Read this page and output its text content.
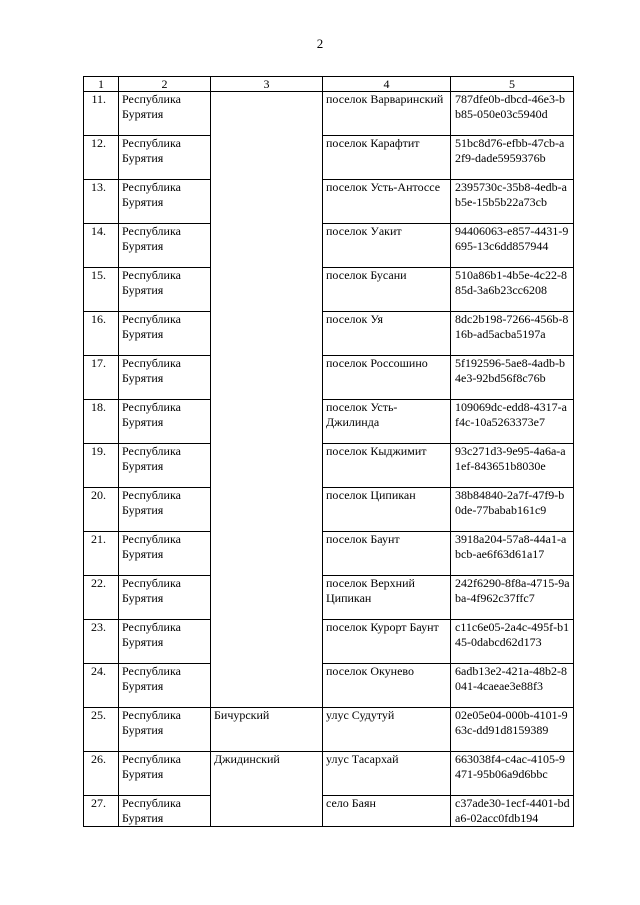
2
1	2	3	4	5
11.	Республика Бурятия		поселок Варваринский	787dfe0b-dbcd-46e3-bb85-050e03c5940d
12.	Республика Бурятия		поселок Карафтит	51bc8d76-efbb-47cb-a2f9-dade5959376b
13.	Республика Бурятия		поселок Усть-Антоссе	2395730c-35b8-4edb-ab5e-15b5b22a73cb
14.	Республика Бурятия		поселок Уакит	94406063-e857-4431-9695-13c6dd857944
15.	Республика Бурятия		поселок Бусани	510a86b1-4b5e-4c22-885d-3a6b23cc6208
16.	Республика Бурятия		поселок Уя	8dc2b198-7266-456b-816b-ad5acba5197a
17.	Республика Бурятия		поселок Россошино	5f192596-5ae8-4adb-b4e3-92bd56f8c76b
18.	Республика Бурятия		поселок Усть-Джилинда	109069dc-edd8-4317-af4c-10a5263373e7
19.	Республика Бурятия		поселок Кыджимит	93c271d3-9e95-4a6a-a1ef-843651b8030e
20.	Республика Бурятия		поселок Ципикан	38b84840-2a7f-47f9-b0de-77babab161c9
21.	Республика Бурятия		поселок Баунт	3918a204-57a8-44a1-abcb-ae6f63d61a17
22.	Республика Бурятия		поселок Верхний Ципикан	242f6290-8f8a-4715-9aba-4f962c37ffc7
23.	Республика Бурятия		поселок Курорт Баунт	c11c6e05-2a4c-495f-b145-0dabcd62d173
24.	Республика Бурятия		поселок Окунево	6adb13e2-421a-48b2-8041-4caeae3e88f3
25.	Республика Бурятия	Бичурский	улус Судутуй	02e05e04-000b-4101-963c-dd91d8159389
26.	Республика Бурятия	Джидинский	улус Тасархай	663038f4-c4ac-4105-9471-95b06a9d6bbc
27.	Республика Бурятия		село Баян	c37ade30-1ecf-4401-bda6-02acc0fdb194
